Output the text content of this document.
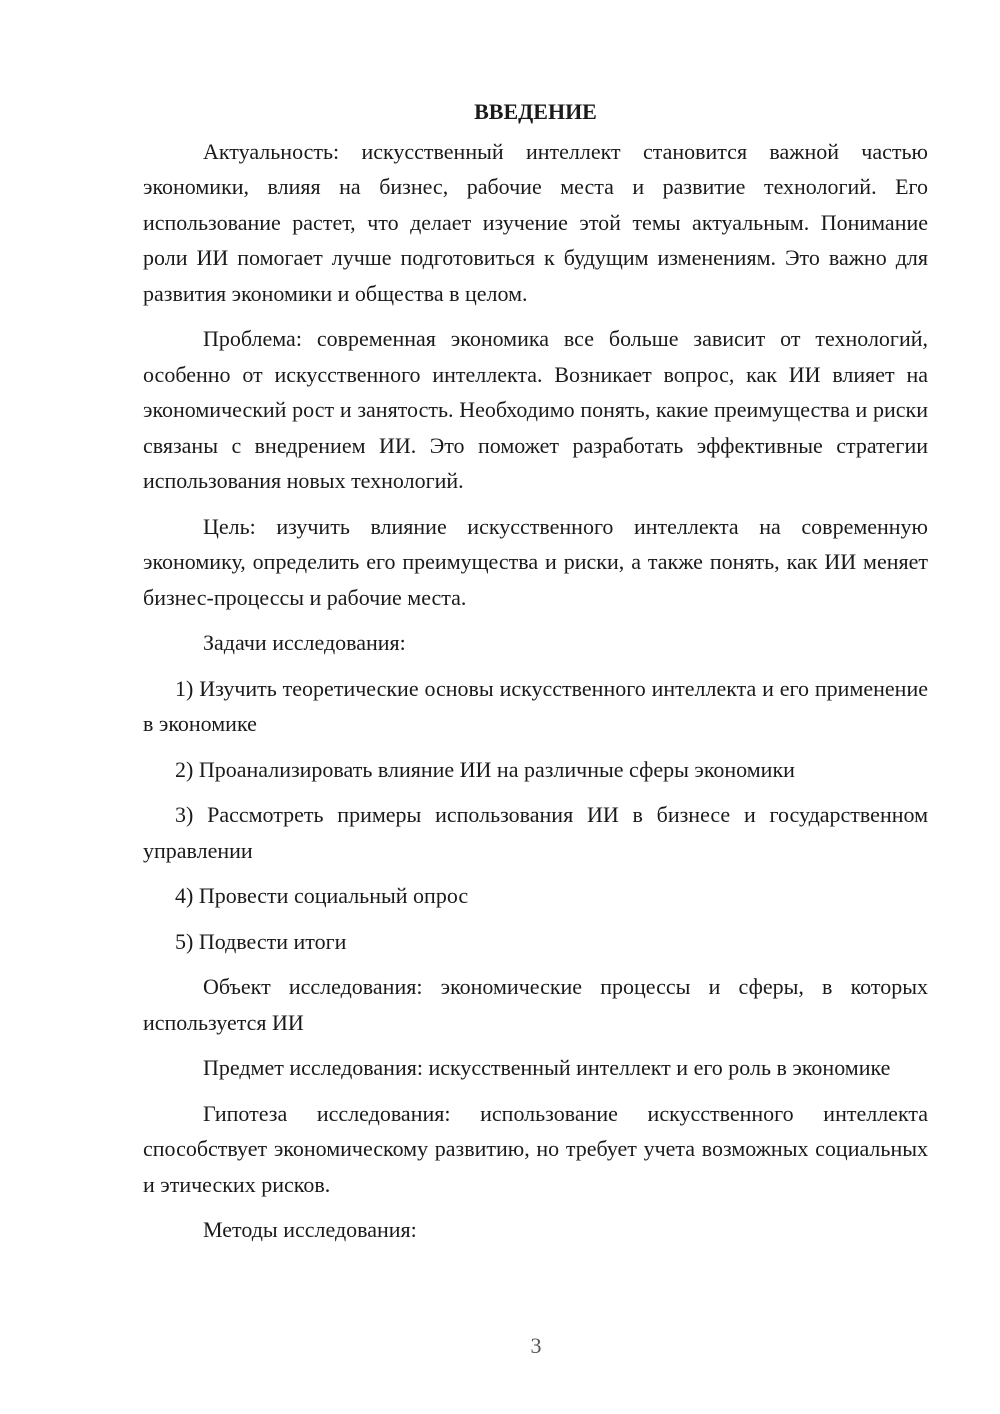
ВВЕДЕНИЕ

Актуальность: искусственный интеллект становится важной частью экономики, влияя на бизнес, рабочие места и развитие технологий. Его использование растет, что делает изучение этой темы актуальным. Понимание роли ИИ помогает лучше подготовиться к будущим изменениям. Это важно для развития экономики и общества в целом.

Проблема: современная экономика все больше зависит от технологий, особенно от искусственного интеллекта. Возникает вопрос, как ИИ влияет на экономический рост и занятость. Необходимо понять, какие преимущества и риски связаны с внедрением ИИ. Это поможет разработать эффективные стратегии использования новых технологий.

Цель: изучить влияние искусственного интеллекта на современную экономику, определить его преимущества и риски, а также понять, как ИИ меняет бизнес-процессы и рабочие места.

Задачи исследования:

1) Изучить теоретические основы искусственного интеллекта и его применение в экономике

2) Проанализировать влияние ИИ на различные сферы экономики

3) Рассмотреть примеры использования ИИ в бизнесе и государственном управлении

4) Провести социальный опрос

5) Подвести итоги

Объект исследования: экономические процессы и сферы, в которых используется ИИ

Предмет исследования: искусственный интеллект и его роль в экономике

Гипотеза исследования: использование искусственного интеллекта способствует экономическому развитию, но требует учета возможных социальных и этических рисков.

Методы исследования:

3
